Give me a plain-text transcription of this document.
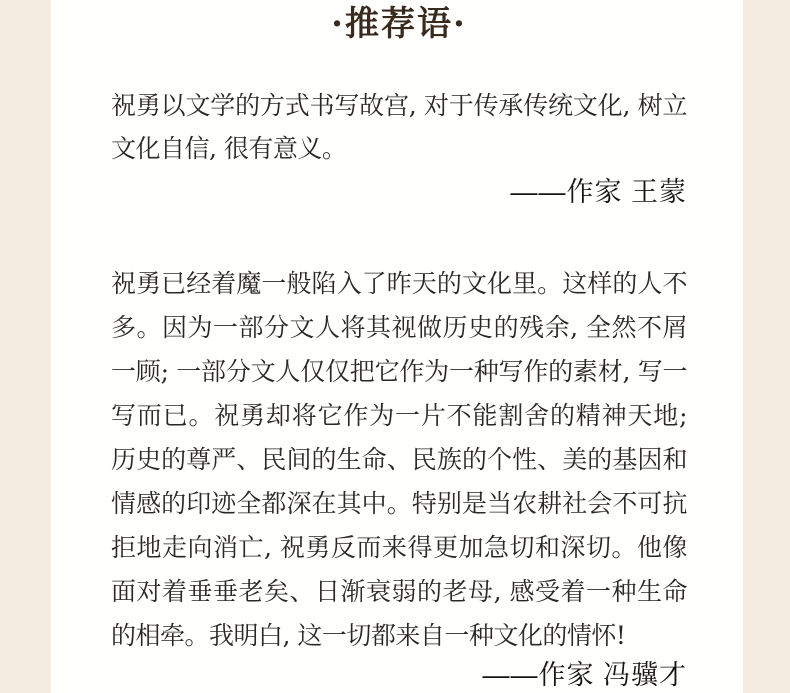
·推荐语·

祝勇以文学的方式书写故宫, 对于传承传统文化, 树立文化自信, 很有意义。

——作家 王蒙

祝勇已经着魔一般陷入了昨天的文化里。这样的人不多。因为一部分文人将其视做历史的残余, 全然不屑一顾; 一部分文人仅仅把它作为一种写作的素材, 写一写而已。祝勇却将它作为一片不能割舍的精神天地; 历史的尊严、民间的生命、民族的个性、美的基因和情感的印迹全都深在其中。特别是当农耕社会不可抗拒地走向消亡, 祝勇反而来得更加急切和深切。他像面对着垂垂老矣、日渐衰弱的老母, 感受着一种生命的相牵。我明白, 这一切都来自一种文化的情怀!

——作家 冯骥才
